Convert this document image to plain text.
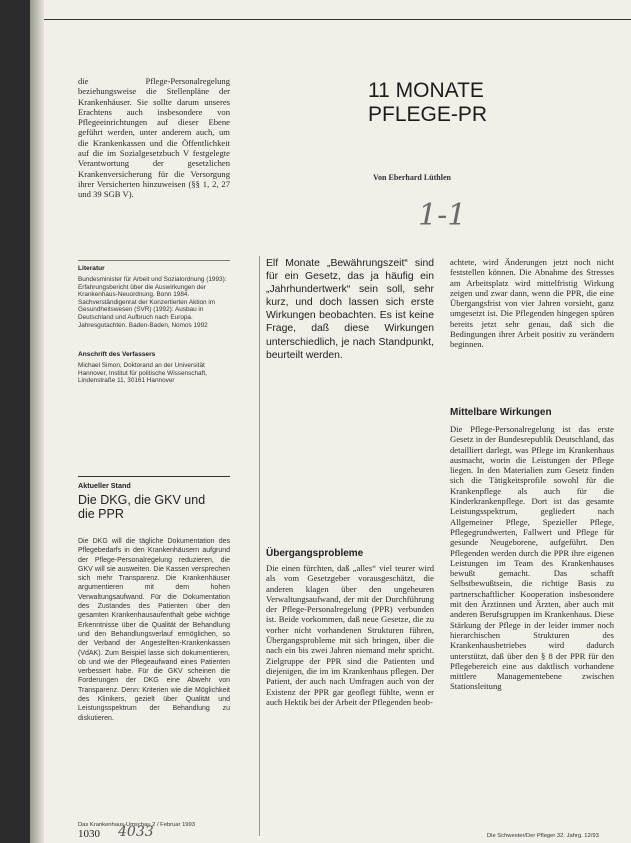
die Pflege-Personalregelung beziehungsweise die Stellenpläne der Krankenhäuser. Sie sollte darum unseres Erachtens auch insbesondere von Pflegeeinrichtungen auf dieser Ebene geführt werden, unter anderem auch, um die Krankenkassen und die Öffentlichkeit auf die im Sozialgesetzbuch V festgelegte Verantwortung der gesetzlichen Krankenversicherung für die Versorgung ihrer Versicherten hinzuweisen (§§ 1, 2, 27 und 39 SGB V).

Literatur

Bundesminister für Arbeit und Sozialordnung (1993): Erfahrungsbericht über die Auswirkungen der Krankenhaus-Neuordnung. Bonn 1984. Sachverständigenrat der Konzertierten Aktion im Gesundheitswesen (SVR) (1992): Ausbau in Deutschland und Aufbruch nach Europa. Jahresgutachten. Baden-Baden, Nomos 1992

Anschrift des Verfassers

Michael Simon, Doktorand an der Universität Hannover, Institut für politische Wissenschaft, Lindenstraße 11, 30161 Hannover

Aktueller Stand

Die DKG, die GKV und die PPR

Die DKG will die tägliche Dokumentation des Pflegebedarfs in den Krankenhäusern aufgrund der Pflege-Personalregelung reduzieren, die GKV will sie ausweiten. Die Kassen versprechen sich mehr Transparenz. Die Krankenhäuser argumentieren mit dem hohen Verwaltungsaufwand. Für die Dokumentation des Zustandes des Patienten über den gesamten Krankenhausaufenthalt gebe wichtige Erkenntnisse über die Qualität der Behandlung und den Behandlungsverlauf ermöglichen, so der Verband der Angestellten-Krankenkassen (VdAK). Zum Beispiel lasse sich dokumentieren, ob und wie der Pflegeaufwand eines Patienten verbessert habe. Für die GKV scheinen die Forderungen der DKG eine Abwehr von Transparenz. Denn: Kriterien wie die Möglichkeit des Klinikers, gezielt über Qualität und Leistungsspektrum der Behandlung zu diskutieren.

Das Krankenhaus-Umschau 2 / Februar 1993

11 MONATE

PFLEGE-PR

Von Eberhard Lüthlen

1-1

Elf Monate „Bewährungszeit“ sind für ein Gesetz, das ja häufig ein „Jahrhundertwerk“ sein soll, sehr kurz, und doch lassen sich erste Wirkungen beobachten. Es ist keine Frage, daß diese Wirkungen unterschiedlich, je nach Standpunkt, beurteilt werden.

Übergangsprobleme

Die einen fürchten, daß „alles“ viel teurer wird als vom Gesetzgeber vorausgeschätzt, die anderen klagen über den ungeheuren Verwaltungsaufwand, der mit der Durchführung der Pflege-Personalregelung (PPR) verbunden ist. Beide vorkommen, daß neue Gesetze, die zu vorher nicht vorhandenen Strukturen führen, Übergangsprobleme mit sich bringen, über die nach ein bis zwei Jahren niemand mehr spricht. Zielgruppe der PPR sind die Patienten und diejenigen, die im im Krankenhaus pflegen. Der Patient, der auch nach Umfragen auch von der Existenz der PPR gar geoflegt fühlte, wenn er auch Hektik bei der Arbeit der Pflegenden beob-

achtete, wird Änderungen jetzt noch nicht feststellen können. Die Abnahme des Stresses am Arbeitsplatz wird mittelfristig Wirkung zeigen und zwar dann, wenn die PPR, die eine Übergangsfrist von vier Jahren vorsieht, ganz umgesetzt ist. Die Pflegenden hingegen spüren bereits jetzt sehr genau, daß sich die Bedingungen ihrer Arbeit positiv zu verändern beginnen.

Mittelbare Wirkungen

Die Pflege-Personalregelung ist das erste Gesetz in der Bundesrepublik Deutschland, das detailliert darlegt, was Pflege im Krankenhaus ausmacht, worin die Leistungen der Pflege liegen. In den Materialien zum Gesetz finden sich die Tätigkeitsprofile sowohl für die Krankenpflege als auch für die Kinderkrankenpflege. Dort ist das gesamte Leistungsspektrum, gegliedert nach Allgemeiner Pflege, Spezieller Pflege, Pflegegrundwerten, Fallwert und Pflege für gesunde Neugeborene, aufgeführt. Den Pflegenden werden durch die PPR ihre eigenen Leistungen im Team des Krankenhauses bewußt gemacht. Das schafft Selbstbewußtsein, die richtige Basis zu partnerschaftlicher Kooperation insbesondere mit den Ärztinnen und Ärzten, aber auch mit anderen Berufsgruppen im Krankenhaus. Diese Stärkung der Pflege in der leider immer noch hierarchischen Strukturen des Krankenhausbetriebes wird dadurch unterstützt, daß über den § 8 der PPR für den Pflegebereich eine aus daktlisch vorhandene mittlere Managementebene zwischen Stationsleitung

1030 4033	Die Schwester/Der Pfleger 32. Jahrg. 12/93
